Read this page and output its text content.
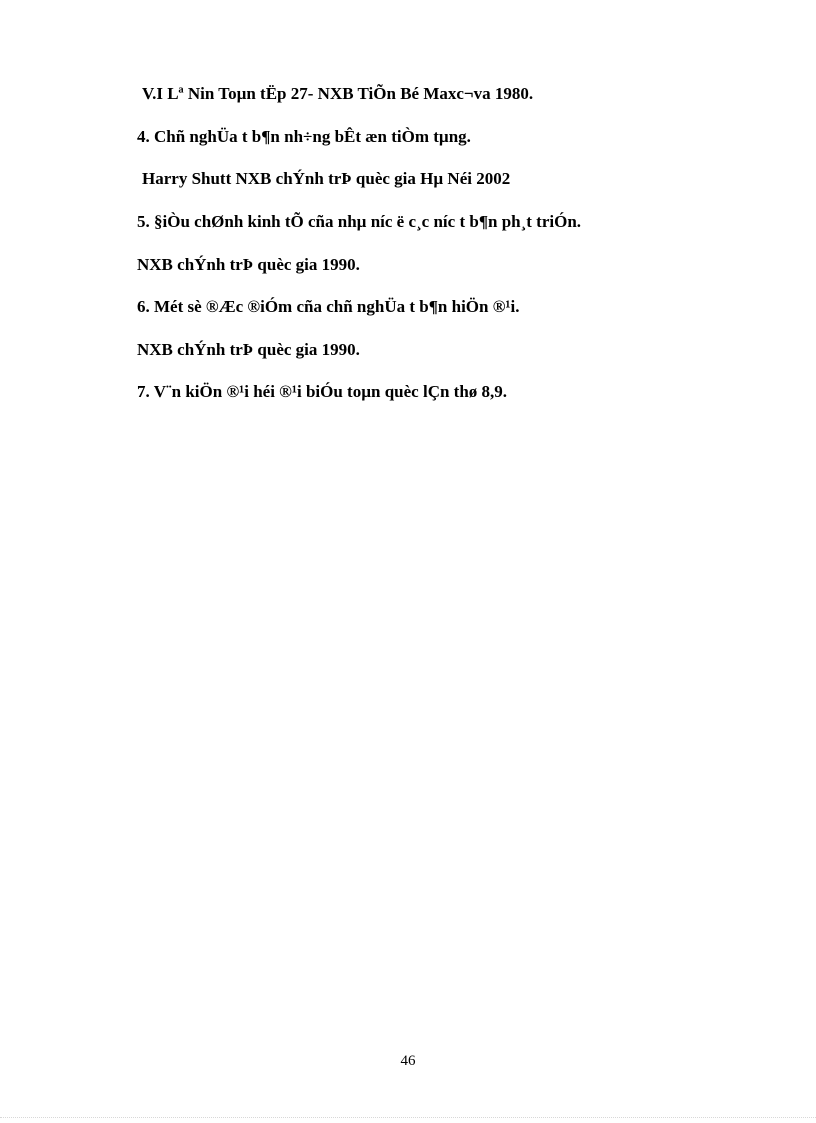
V.I Lª Nin Toµn tËp 27- NXB TiÕn Bé Maxc¬va 1980.
4. Chñ nghÜa t b¶n nh÷ng bÊt æn tiÒm tµng.
Harry Shutt NXB chÝnh trÞ quèc gia Hµ Néi 2002
5. §iÒu chØnh kinh tÕ cña nhµ níc ë c¸c níc t b¶n ph¸t triÓn.
NXB chÝnh trÞ quèc gia 1990.
6. Mét sè ®Æc ®iÓm cña chñ nghÜa t b¶n hiÖn ®¹i.
NXB chÝnh trÞ quèc gia 1990.
7. V¨n kiÖn ®¹i héi ®¹i biÓu toµn quèc lÇn thø 8,9.
46
